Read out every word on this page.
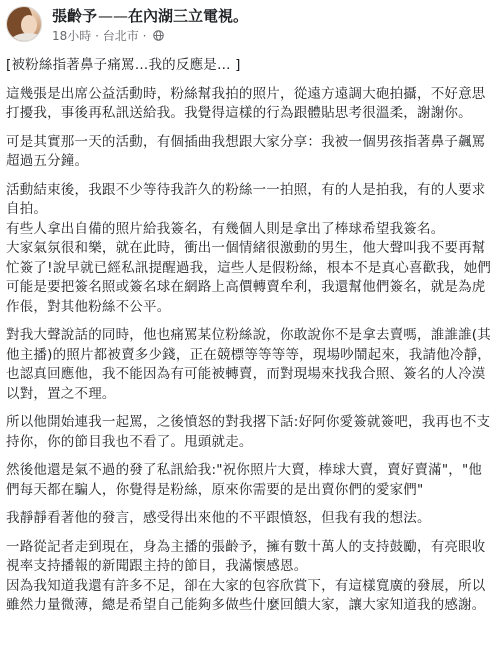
張齡予——在內湖三立電視。
18小時 · 台北市 ·

[被粉絲指著鼻子痛罵…我的反應是… ]

這幾張是出席公益活動時，粉絲幫我拍的照片，從遠方遠調大砲拍攝，不好意思打擾我，事後再私訊送給我。我覺得這樣的行為跟體貼思考很溫柔，謝謝你。

可是其實那一天的活動，有個插曲我想跟大家分享：我被一個男孩指著鼻子飆罵超過五分鐘。

活動結束後，我跟不少等待我許久的粉絲一一拍照，有的人是拍我，有的人要求自拍。
有些人拿出自備的照片給我簽名，有幾個人則是拿出了棒球希望我簽名。
大家氣氛很和樂，就在此時，衝出一個情緒很激動的男生，他大聲叫我不要再幫忙簽了!說早就已經私訊提醒過我，這些人是假粉絲，根本不是真心喜歡我，她們可能是要把簽名照或簽名球在網路上高價轉賣牟利，我還幫他們簽名，就是為虎作倀，對其他粉絲不公平。

對我大聲說話的同時，他也痛罵某位粉絲說，你敢說你不是拿去賣嗎，誰誰誰(其他主播)的照片都被賣多少錢，正在競標等等等等，現場吵鬧起來，我請他冷靜，也認真回應他，我不能因為有可能被轉賣，而對現場來找我合照、簽名的人冷漠以對，置之不理。

所以他開始連我一起罵，之後憤怒的對我撂下話:好阿你愛簽就簽吧，我再也不支持你，你的節目我也不看了。甩頭就走。

然後他還是氣不過的發了私訊給我:"祝你照片大賣，棒球大賣，賣好賣滿"，"他們每天都在騙人，你覺得是粉絲，原來你需要的是出賣你們的愛家們"

我靜靜看著他的發言，感受得出來他的不平跟憤怒，但我有我的想法。

一路從記者走到現在，身為主播的張齡予，擁有數十萬人的支持鼓勵，有亮眼收視率支持播報的新聞跟主持的節目，我滿懷感恩。
因為我知道我還有許多不足，卻在大家的包容欣賞下，有這樣寬廣的發展，所以雖然力量微薄，總是希望自己能夠多做些什麼回饋大家，讓大家知道我的感謝。
